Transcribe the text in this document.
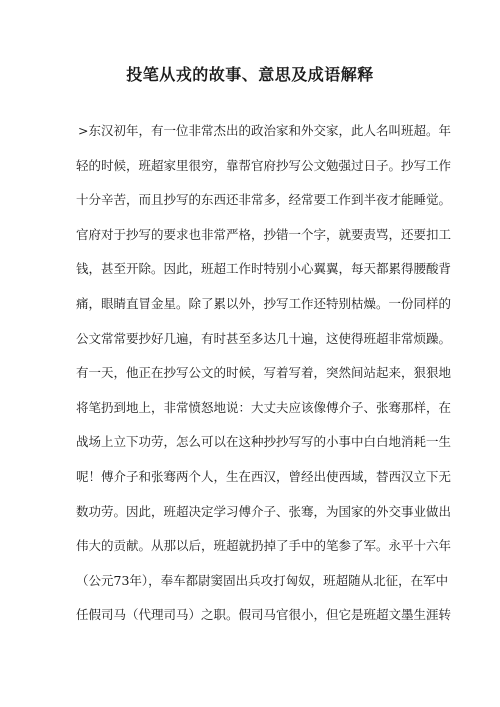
投笔从戎的故事、意思及成语解释
>东汉初年，有一位非常杰出的政治家和外交家，此人名叫班超。年
轻的时候，班超家里很穷，靠帮官府抄写公文勉强过日子。抄写工作
十分辛苦，而且抄写的东西还非常多，经常要工作到半夜才能睡觉。
官府对于抄写的要求也非常严格，抄错一个字，就要责骂，还要扣工
钱，甚至开除。因此，班超工作时特别小心翼翼，每天都累得腰酸背
痛，眼睛直冒金星。除了累以外，抄写工作还特别枯燥。一份同样的
公文常常要抄好几遍，有时甚至多达几十遍，这使得班超非常烦躁。
有一天，他正在抄写公文的时候，写着写着，突然间站起来，狠狠地
将笔扔到地上，非常愤怒地说：大丈夫应该像傅介子、张骞那样，在
战场上立下功劳，怎么可以在这种抄抄写写的小事中白白地消耗一生
呢！傅介子和张骞两个人，生在西汉，曾经出使西域，替西汉立下无
数功劳。因此，班超决定学习傅介子、张骞，为国家的外交事业做出
伟大的贡献。从那以后，班超就扔掉了手中的笔参了军。永平十六年
（公元73年），奉车都尉窦固出兵攻打匈奴，班超随从北征，在军中
任假司马（代理司马）之职。假司马官很小，但它是班超文墨生涯转
